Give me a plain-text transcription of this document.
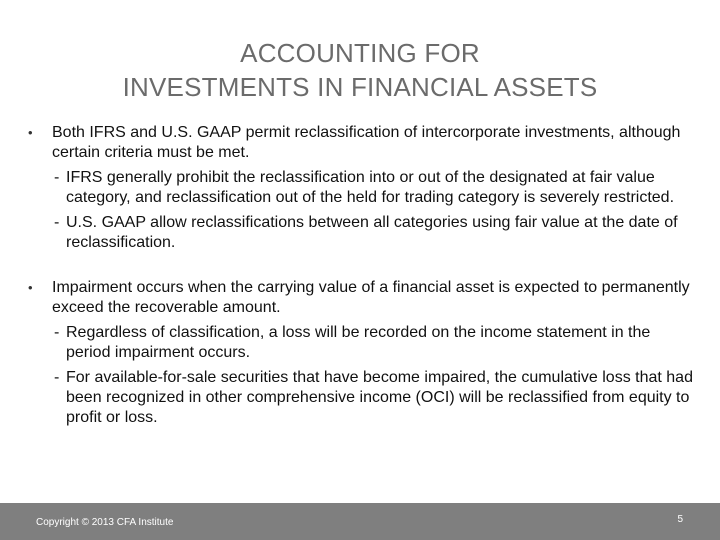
ACCOUNTING FOR
INVESTMENTS IN FINANCIAL ASSETS
• Both IFRS and U.S. GAAP permit reclassification of intercorporate investments, although certain criteria must be met.
- IFRS generally prohibit the reclassification into or out of the designated at fair value category, and reclassification out of the held for trading category is severely restricted.
- U.S. GAAP allow reclassifications between all categories using fair value at the date of reclassification.
• Impairment occurs when the carrying value of a financial asset is expected to permanently exceed the recoverable amount.
- Regardless of classification, a loss will be recorded on the income statement in the period impairment occurs.
- For available-for-sale securities that have become impaired, the cumulative loss that had been recognized in other comprehensive income (OCI) will be reclassified from equity to profit or loss.
Copyright © 2013 CFA Institute	5
